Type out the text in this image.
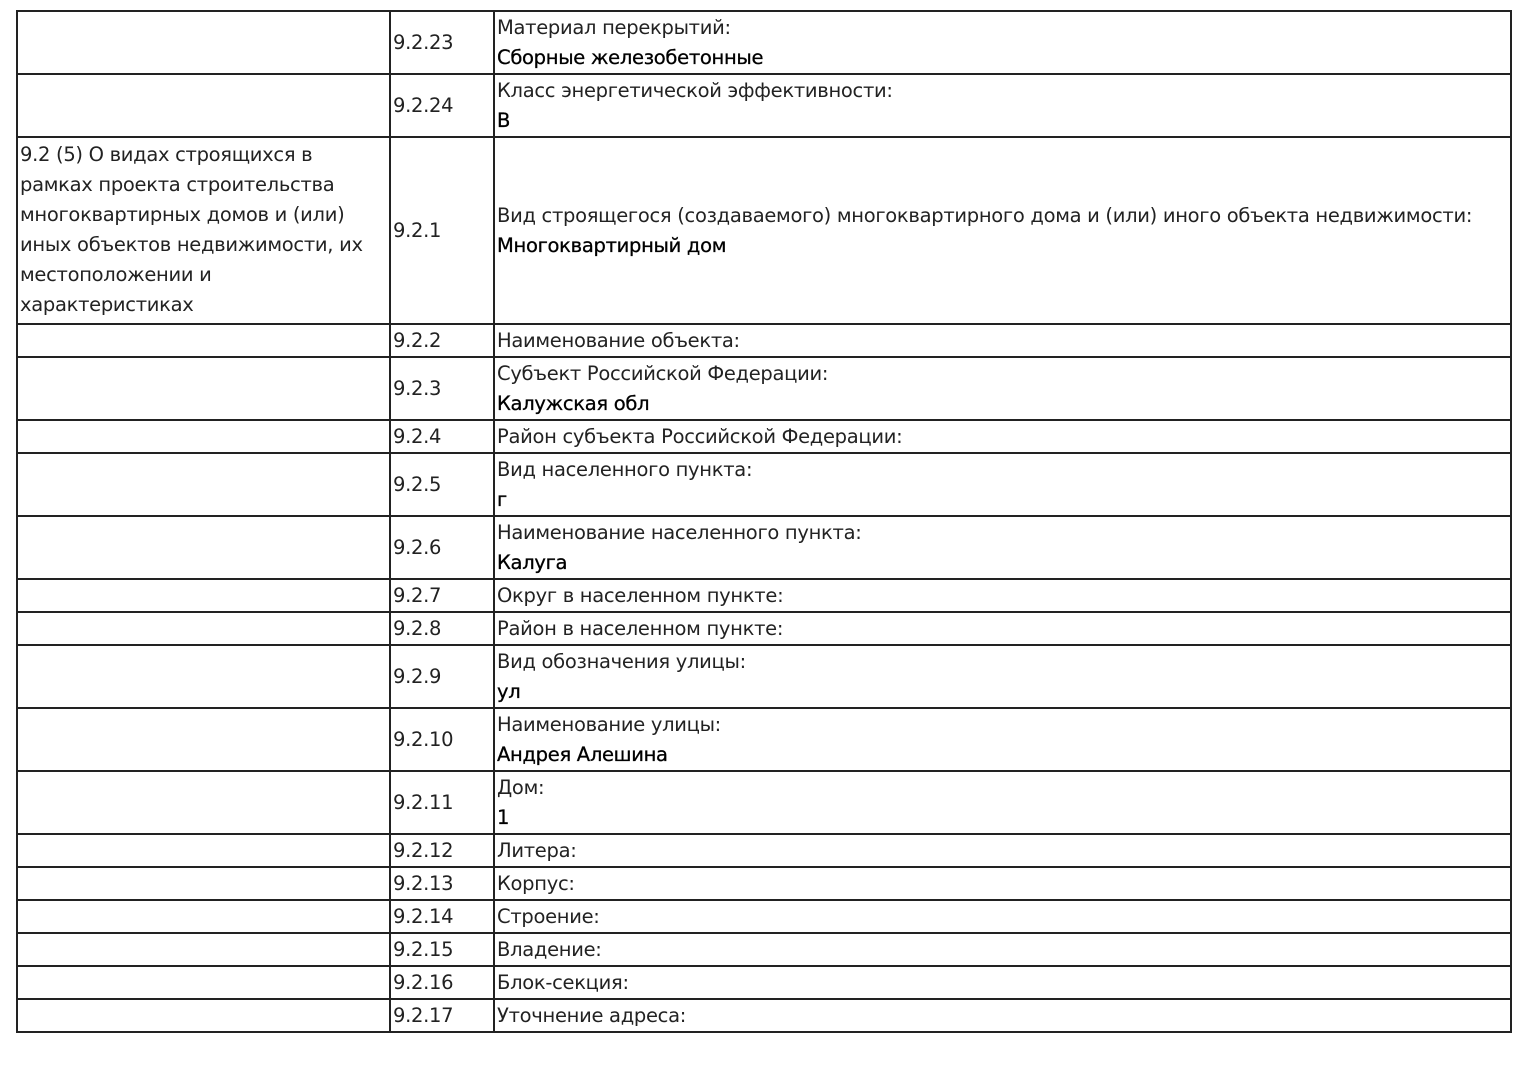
	9.2.23	Материал перекрытий:
Сборные железобетонные

	9.2.24	Класс энергетической эффективности:
В

9.2 (5) О видах строящихся в рамках проекта строительства многоквартирных домов и (или) иных объектов недвижимости, их местоположении и характеристиках	9.2.1	Вид строящегося (создаваемого) многоквартирного дома и (или) иного объекта недвижимости:
Многоквартирный дом

	9.2.2	Наименование объекта:

	9.2.3	Субъект Российской Федерации:
Калужская обл

	9.2.4	Район субъекта Российской Федерации:

	9.2.5	Вид населенного пункта:
г

	9.2.6	Наименование населенного пункта:
Калуга

	9.2.7	Округ в населенном пункте:

	9.2.8	Район в населенном пункте:

	9.2.9	Вид обозначения улицы:
ул

	9.2.10	Наименование улицы:
Андрея Алешина

	9.2.11	Дом:
1

	9.2.12	Литера:

	9.2.13	Корпус:

	9.2.14	Строение:

	9.2.15	Владение:

	9.2.16	Блок-секция:

	9.2.17	Уточнение адреса:
